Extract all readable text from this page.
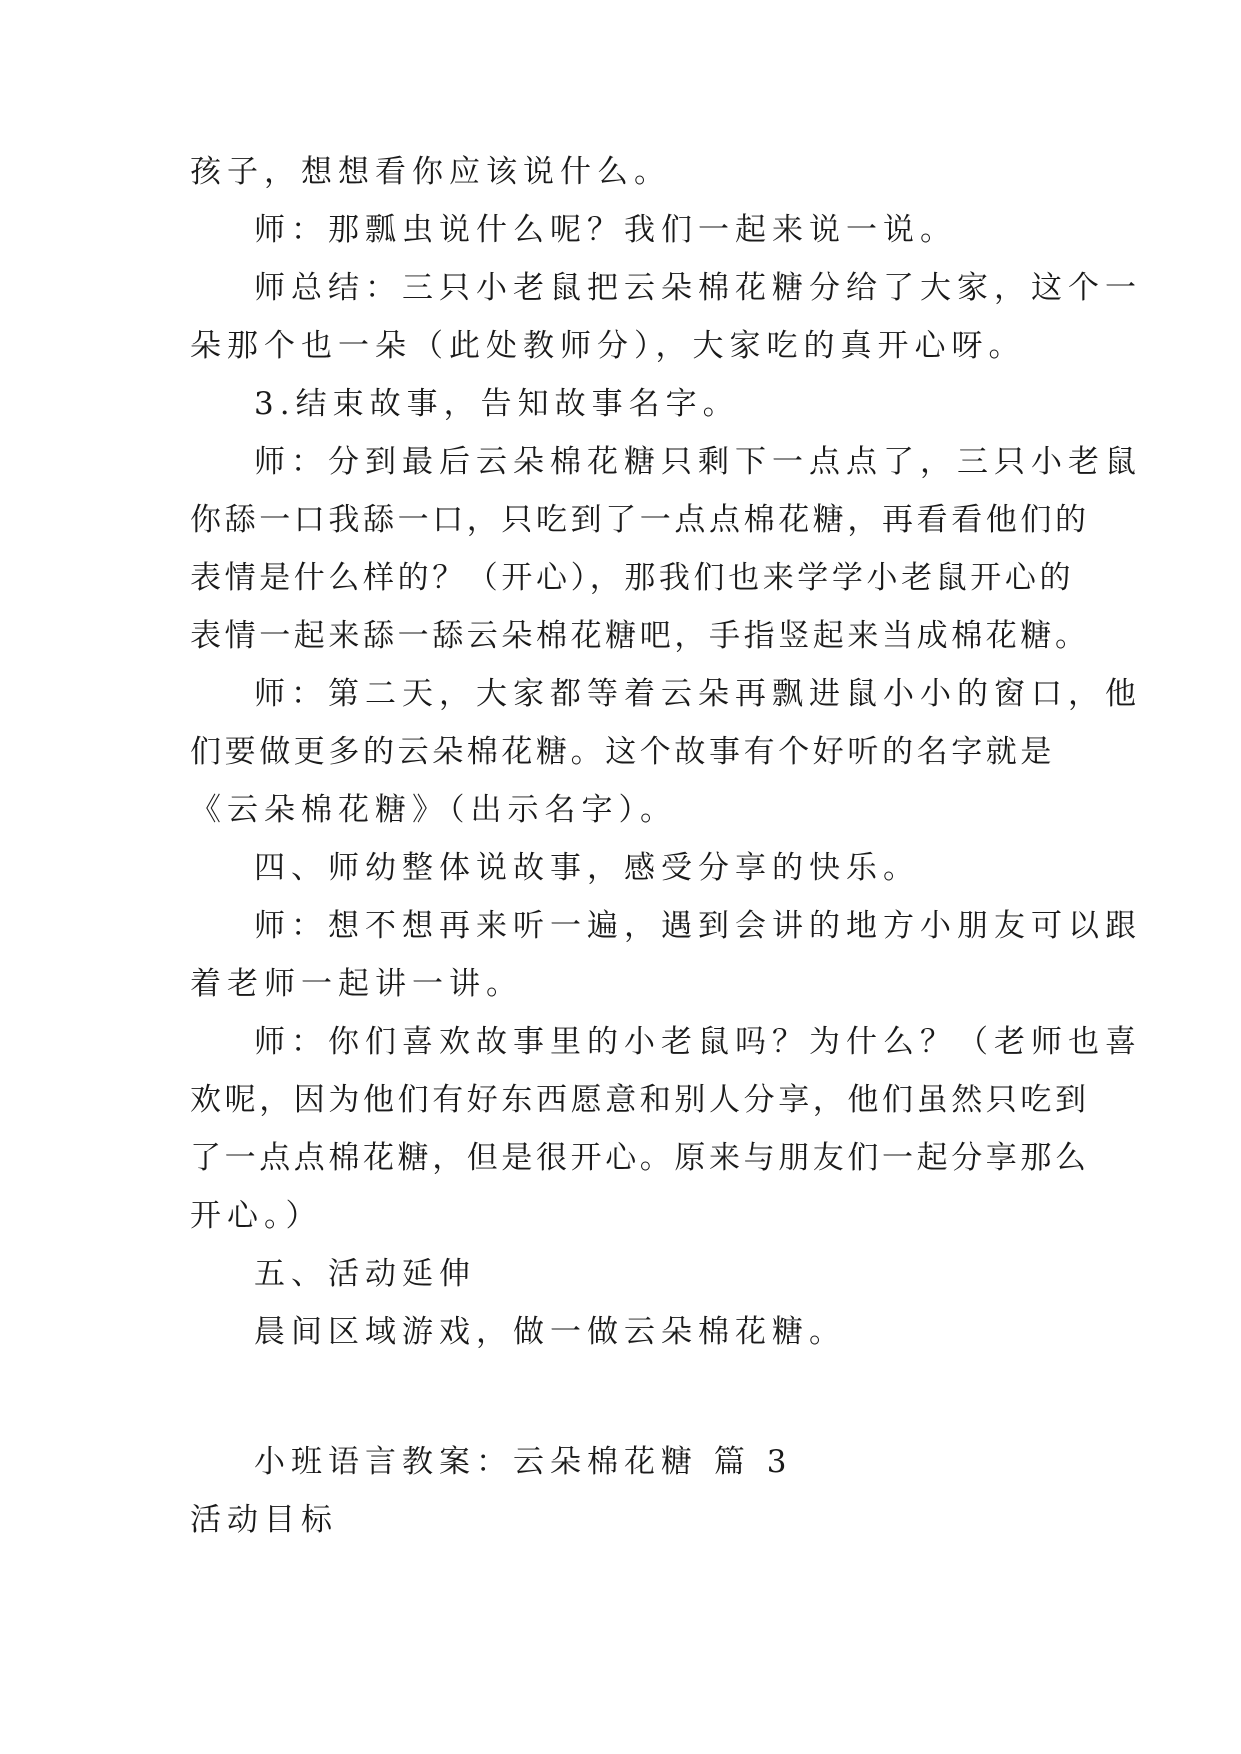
孩子，想想看你应该说什么。
师：那瓢虫说什么呢？我们一起来说一说。
师总结：三只小老鼠把云朵棉花糖分给了大家，这个一
朵那个也一朵（此处教师分），大家吃的真开心呀。
3.结束故事，告知故事名字。
师：分到最后云朵棉花糖只剩下一点点了，三只小老鼠
你舔一口我舔一口，只吃到了一点点棉花糖，再看看他们的
表情是什么样的？（开心），那我们也来学学小老鼠开心的
表情一起来舔一舔云朵棉花糖吧，手指竖起来当成棉花糖。
师：第二天，大家都等着云朵再飘进鼠小小的窗口，他
们要做更多的云朵棉花糖。这个故事有个好听的名字就是
《云朵棉花糖》（出示名字）。
四、师幼整体说故事，感受分享的快乐。
师：想不想再来听一遍，遇到会讲的地方小朋友可以跟
着老师一起讲一讲。
师：你们喜欢故事里的小老鼠吗？为什么？（老师也喜
欢呢，因为他们有好东西愿意和别人分享，他们虽然只吃到
了一点点棉花糖，但是很开心。原来与朋友们一起分享那么
开心。）
五、活动延伸
晨间区域游戏，做一做云朵棉花糖。
小班语言教案：云朵棉花糖 篇 3
活动目标
